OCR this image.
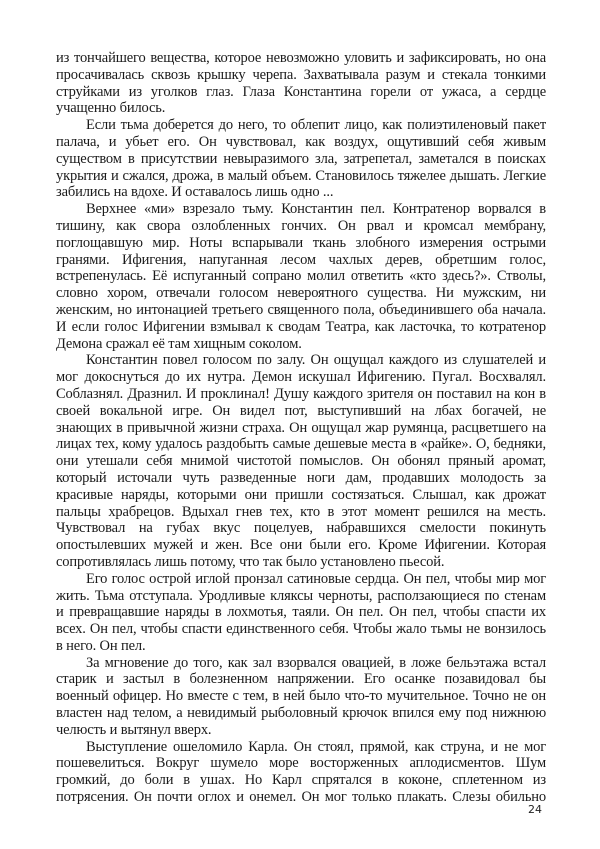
из тончайшего вещества, которое невозможно уловить и зафиксировать, но она
просачивалась сквозь крышку черепа. Захватывала разум и стекала тонкими
струйками из уголков глаз. Глаза Константина горели от ужаса, а сердце
учащенно билось.
Если тьма доберется до него, то облепит лицо, как полиэтиленовый пакет
палача, и убьет его. Он чувствовал, как воздух, ощутивший себя живым
существом в присутствии невыразимого зла, затрепетал, заметался в поисках
укрытия и сжался, дрожа, в малый объем. Становилось тяжелее дышать. Легкие
забились на вдохе. И оставалось лишь одно ...
Верхнее «ми» взрезало тьму. Константин пел. Контратенор ворвался в
тишину, как свора озлобленных гончих. Он рвал и кромсал мембрану,
поглощавшую мир. Ноты вспарывали ткань злобного измерения острыми
гранями. Ифигения, напуганная лесом чахлых дерев, обретшим голос,
встрепенулась. Её испуганный сопрано молил ответить «кто здесь?». Стволы,
словно хором, отвечали голосом невероятного существа. Ни мужским, ни
женским, но интонацией третьего священного пола, объединившего оба начала.
И если голос Ифигении взмывал к сводам Театра, как ласточка, то котратенор
Демона сражал её там хищным соколом.
Константин повел голосом по залу. Он ощущал каждого из слушателей и
мог докоснуться до их нутра. Демон искушал Ифигению. Пугал. Восхвалял.
Соблазнял. Дразнил. И проклинал! Душу каждого зрителя он поставил на кон в
своей вокальной игре. Он видел пот, выступивший на лбах богачей, не
знающих в привычной жизни страха. Он ощущал жар румянца, расцветшего на
лицах тех, кому удалось раздобыть самые дешевые места в «райке». О, бедняки,
они утешали себя мнимой чистотой помыслов. Он обонял пряный аромат,
который источали чуть разведенные ноги дам, продавших молодость за
красивые наряды, которыми они пришли состязаться. Слышал, как дрожат
пальцы храбрецов. Вдыхал гнев тех, кто в этот момент решился на месть.
Чувствовал на губах вкус поцелуев, набравшихся смелости покинуть
опостылевших мужей и жен. Все они были его. Кроме Ифигении. Которая
сопротивлялась лишь потому, что так было установлено пьесой.
Его голос острой иглой пронзал сатиновые сердца. Он пел, чтобы мир мог
жить. Тьма отступала. Уродливые кляксы черноты, расползающиеся по стенам
и превращавшие наряды в лохмотья, таяли. Он пел. Он пел, чтобы спасти их
всех. Он пел, чтобы спасти единственного себя. Чтобы жало тьмы не вонзилось
в него. Он пел.
За мгновение до того, как зал взорвался овацией, в ложе бельэтажа встал
старик и застыл в болезненном напряжении. Его осанке позавидовал бы
военный офицер. Но вместе с тем, в ней было что-то мучительное. Точно не он
властен над телом, а невидимый рыболовный крючок впился ему под нижнюю
челюсть и вытянул вверх.
Выступление ошеломило Карла. Он стоял, прямой, как струна, и не мог
пошевелиться. Вокруг шумело море восторженных аплодисментов. Шум
громкий, до боли в ушах. Но Карл спрятался в коконе, сплетенном из
потрясения. Он почти оглох и онемел. Он мог только плакать. Слезы обильно
24
